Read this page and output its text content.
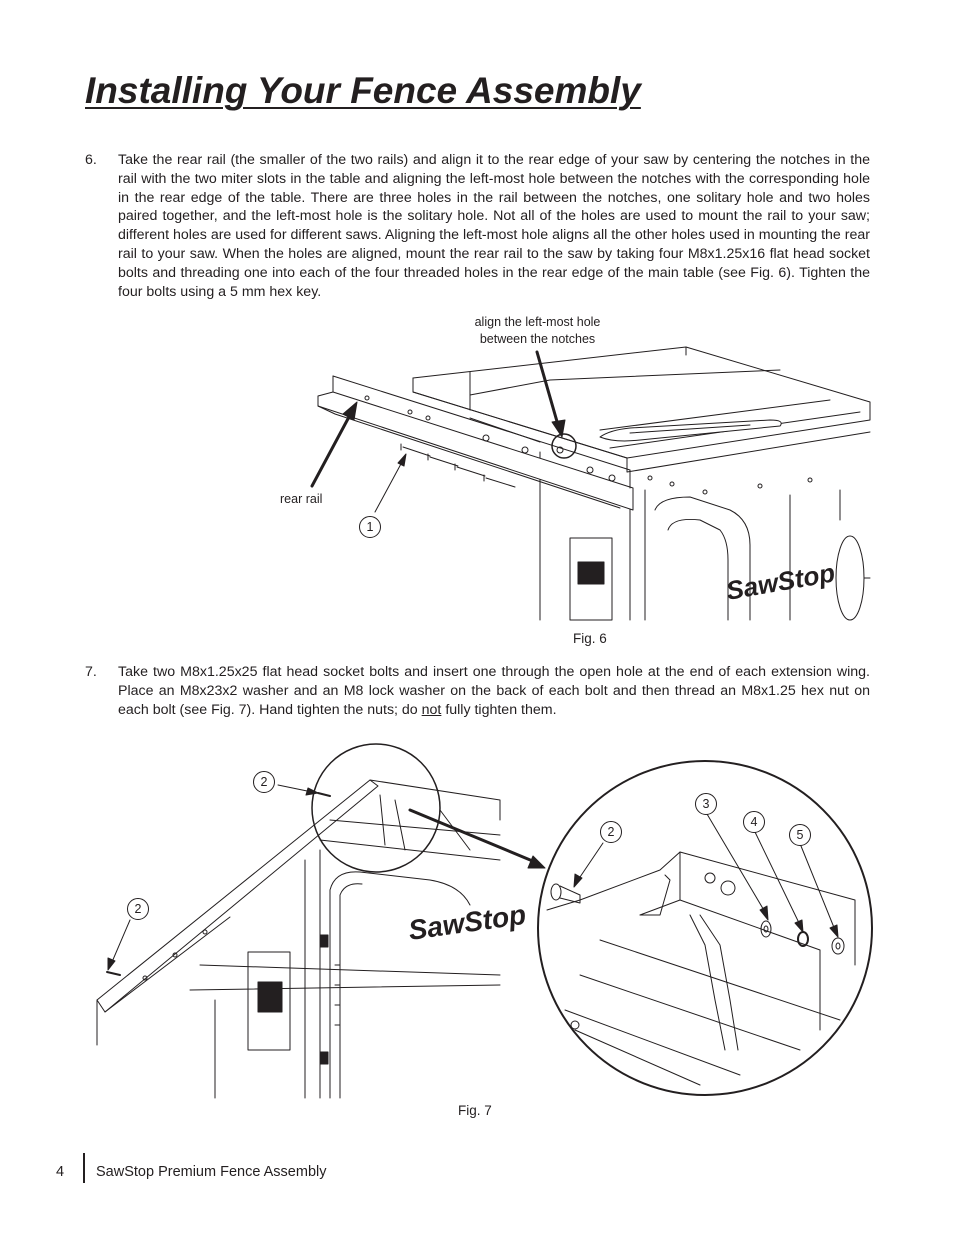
Installing Your Fence Assembly
6. Take the rear rail (the smaller of the two rails) and align it to the rear edge of your saw by centering the notches in the rail with the two miter slots in the table and aligning the left-most hole between the notches with the corresponding hole in the rear edge of the table. There are three holes in the rail between the notches, one solitary hole and two holes paired together, and the left-most hole is the solitary hole. Not all of the holes are used to mount the rail to your saw; different holes are used for different saws. Aligning the left-most hole aligns all the other holes used in mounting the rear rail to your saw. When the holes are aligned, mount the rear rail to the saw by taking four M8x1.25x16 flat head socket bolts and threading one into each of the four threaded holes in the rear edge of the main table (see Fig. 6). Tighten the four bolts using a 5 mm hex key.
SawStop
align the left-most hole
between the notches
rear rail
1
Fig. 6
7. Take two M8x1.25x25 flat head socket bolts and insert one through the open hole at the end of each extension wing. Place an M8x23x2 washer and an M8 lock washer on the back of each bolt and then thread an M8x1.25 hex nut on each bolt (see Fig. 7). Hand tighten the nuts; do not fully tighten them.
SawStop
2
2
2
3
4
5
Fig. 7
4 SawStop Premium Fence Assembly
